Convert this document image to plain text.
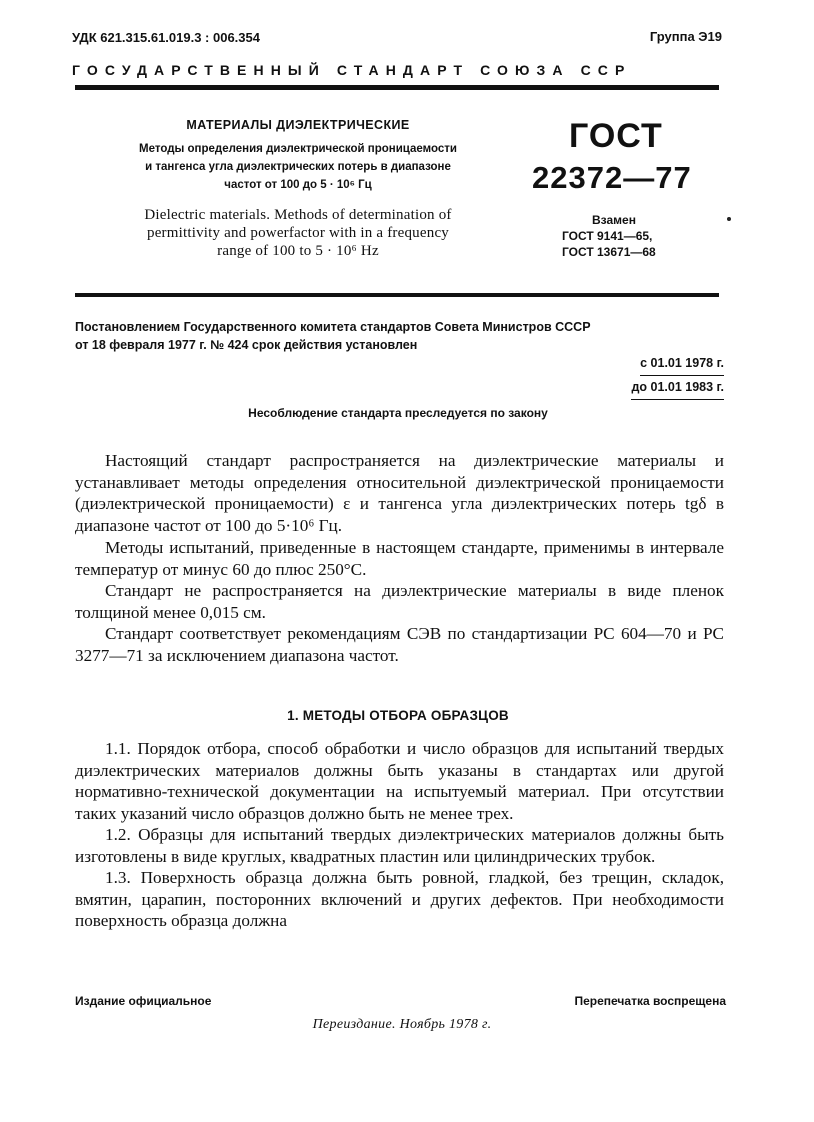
УДК 621.315.61.019.3 : 006.354	Группа Э19
ГОСУДАРСТВЕННЫЙ СТАНДАРТ СОЮЗА ССР
МАТЕРИАЛЫ ДИЭЛЕКТРИЧЕСКИЕ
Методы определения диэлектрической проницаемости
и тангенса угла диэлектрических потерь в диапазоне
частот от 100 до 5 · 10⁶ Гц
Dielectric materials. Methods of determination of
permittivity and powerfactor with in a frequency
range of 100 to 5 · 10⁶ Hz
ГОСТ
22372—77
Взамен
ГОСТ 9141—65,
ГОСТ 13671—68
Постановлением Государственного комитета стандартов Совета Министров СССР
от 18 февраля 1977 г. № 424 срок действия установлен
с 01.01 1978 г.
до 01.01 1983 г.
Несоблюдение стандарта преследуется по закону

Настоящий стандарт распространяется на диэлектрические материалы и устанавливает методы определения относительной диэлектрической проницаемости (диэлектрической проницаемости) ε и тангенса угла диэлектрических потерь tgδ в диапазоне частот от 100 до 5·10⁶ Гц.

Методы испытаний, приведенные в настоящем стандарте, применимы в интервале температур от минус 60 до плюс 250°С.

Стандарт не распространяется на диэлектрические материалы в виде пленок толщиной менее 0,015 см.

Стандарт соответствует рекомендациям СЭВ по стандартизации PC 604—70 и PC 3277—71 за исключением диапазона частот.

1. МЕТОДЫ ОТБОРА ОБРАЗЦОВ

1.1. Порядок отбора, способ обработки и число образцов для испытаний твердых диэлектрических материалов должны быть указаны в стандартах или другой нормативно-технической документации на испытуемый материал. При отсутствии таких указаний число образцов должно быть не менее трех.

1.2. Образцы для испытаний твердых диэлектрических материалов должны быть изготовлены в виде круглых, квадратных пластин или цилиндрических трубок.

1.3. Поверхность образца должна быть ровной, гладкой, без трещин, складок, вмятин, царапин, посторонних включений и других дефектов. При необходимости поверхность образца должна

Издание официальное	Перепечатка воспрещена
Переиздание. Ноябрь 1978 г.
